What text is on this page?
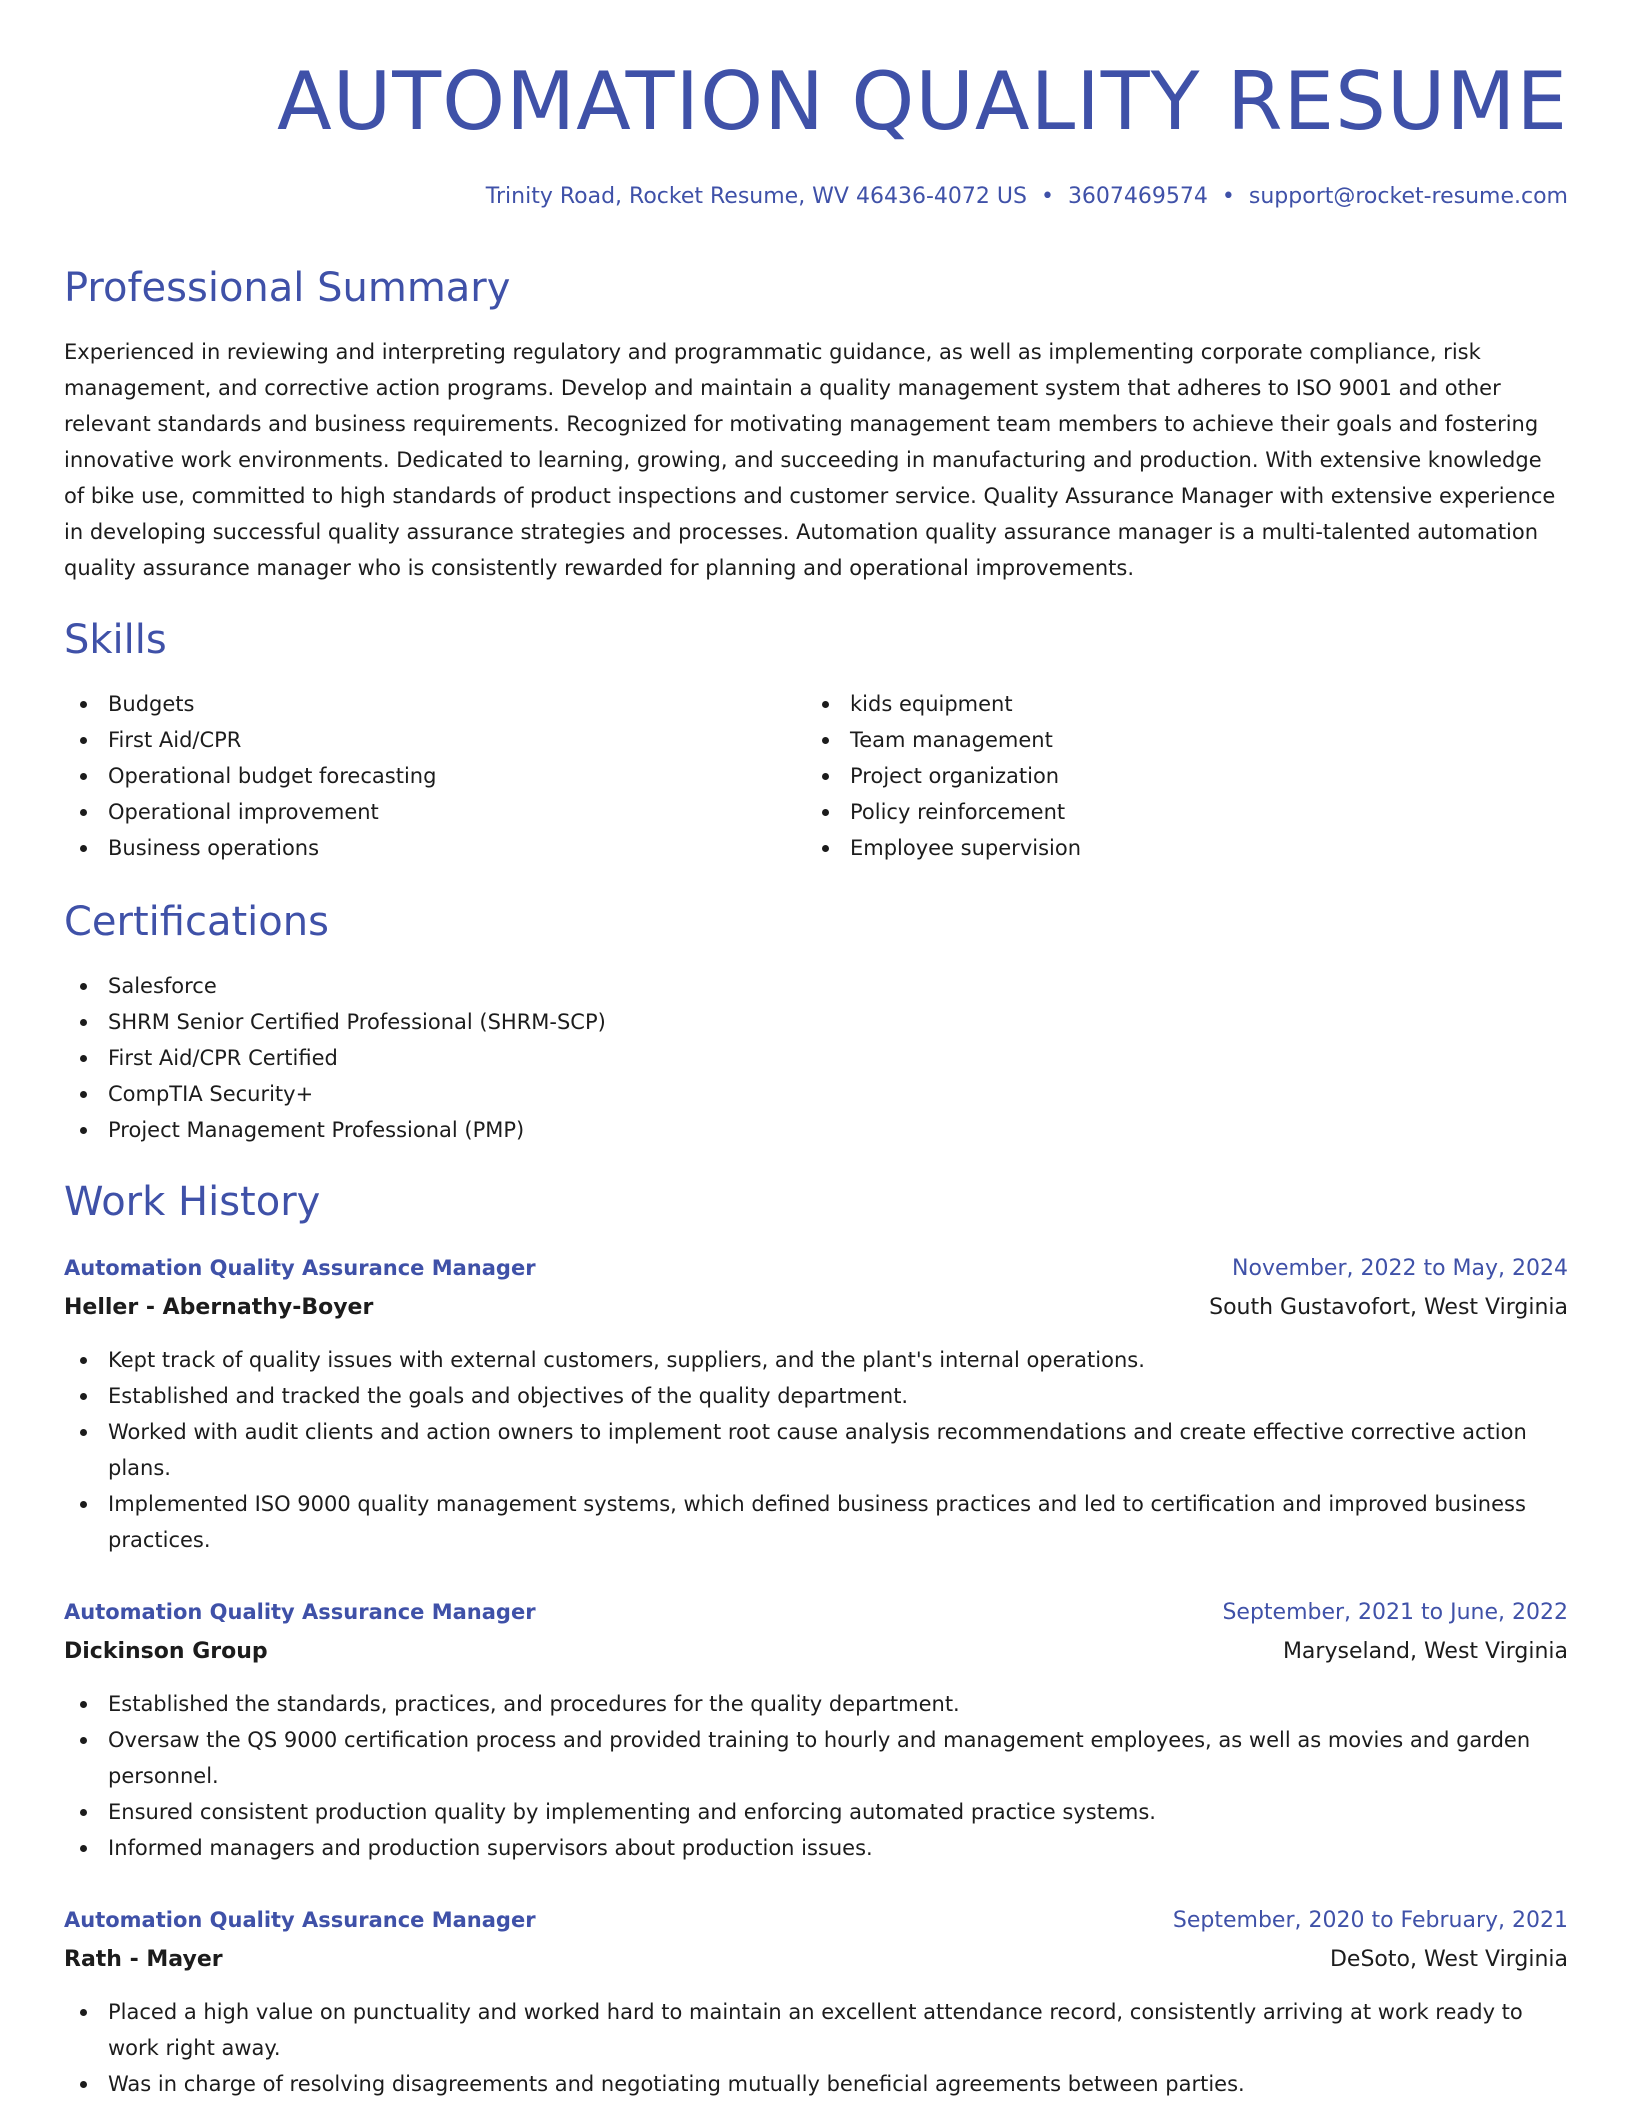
AUTOMATION QUALITY RESUME
Trinity Road, Rocket Resume, WV 46436-4072 US • 3607469574 • support@rocket-resume.com
Professional Summary

Experienced in reviewing and interpreting regulatory and programmatic guidance, as well as implementing corporate compliance, risk management, and corrective action programs. Develop and maintain a quality management system that adheres to ISO 9001 and other relevant standards and business requirements. Recognized for motivating management team members to achieve their goals and fostering innovative work environments. Dedicated to learning, growing, and succeeding in manufacturing and production. With extensive knowledge of bike use, committed to high standards of product inspections and customer service. Quality Assurance Manager with extensive experience in developing successful quality assurance strategies and processes. Automation quality assurance manager is a multi-talented automation quality assurance manager who is consistently rewarded for planning and operational improvements.

Skills
Budgets
First Aid/CPR
Operational budget forecasting
Operational improvement
Business operations
kids equipment
Team management
Project organization
Policy reinforcement
Employee supervision
Certifications
Salesforce
SHRM Senior Certified Professional (SHRM-SCP)
First Aid/CPR Certified
CompTIA Security+
Project Management Professional (PMP)
Work History
Automation Quality Assurance Manager	November, 2022 to May, 2024
Heller - Abernathy-Boyer	South Gustavofort, West Virginia
Kept track of quality issues with external customers, suppliers, and the plant's internal operations.
Established and tracked the goals and objectives of the quality department.
Worked with audit clients and action owners to implement root cause analysis recommendations and create effective corrective action plans.
Implemented ISO 9000 quality management systems, which defined business practices and led to certification and improved business practices.
Automation Quality Assurance Manager	September, 2021 to June, 2022
Dickinson Group	Maryseland, West Virginia
Established the standards, practices, and procedures for the quality department.
Oversaw the QS 9000 certification process and provided training to hourly and management employees, as well as movies and garden personnel.
Ensured consistent production quality by implementing and enforcing automated practice systems.
Informed managers and production supervisors about production issues.
Automation Quality Assurance Manager	September, 2020 to February, 2021
Rath - Mayer	DeSoto, West Virginia
Placed a high value on punctuality and worked hard to maintain an excellent attendance record, consistently arriving at work ready to work right away.
Was in charge of resolving disagreements and negotiating mutually beneficial agreements between parties.
